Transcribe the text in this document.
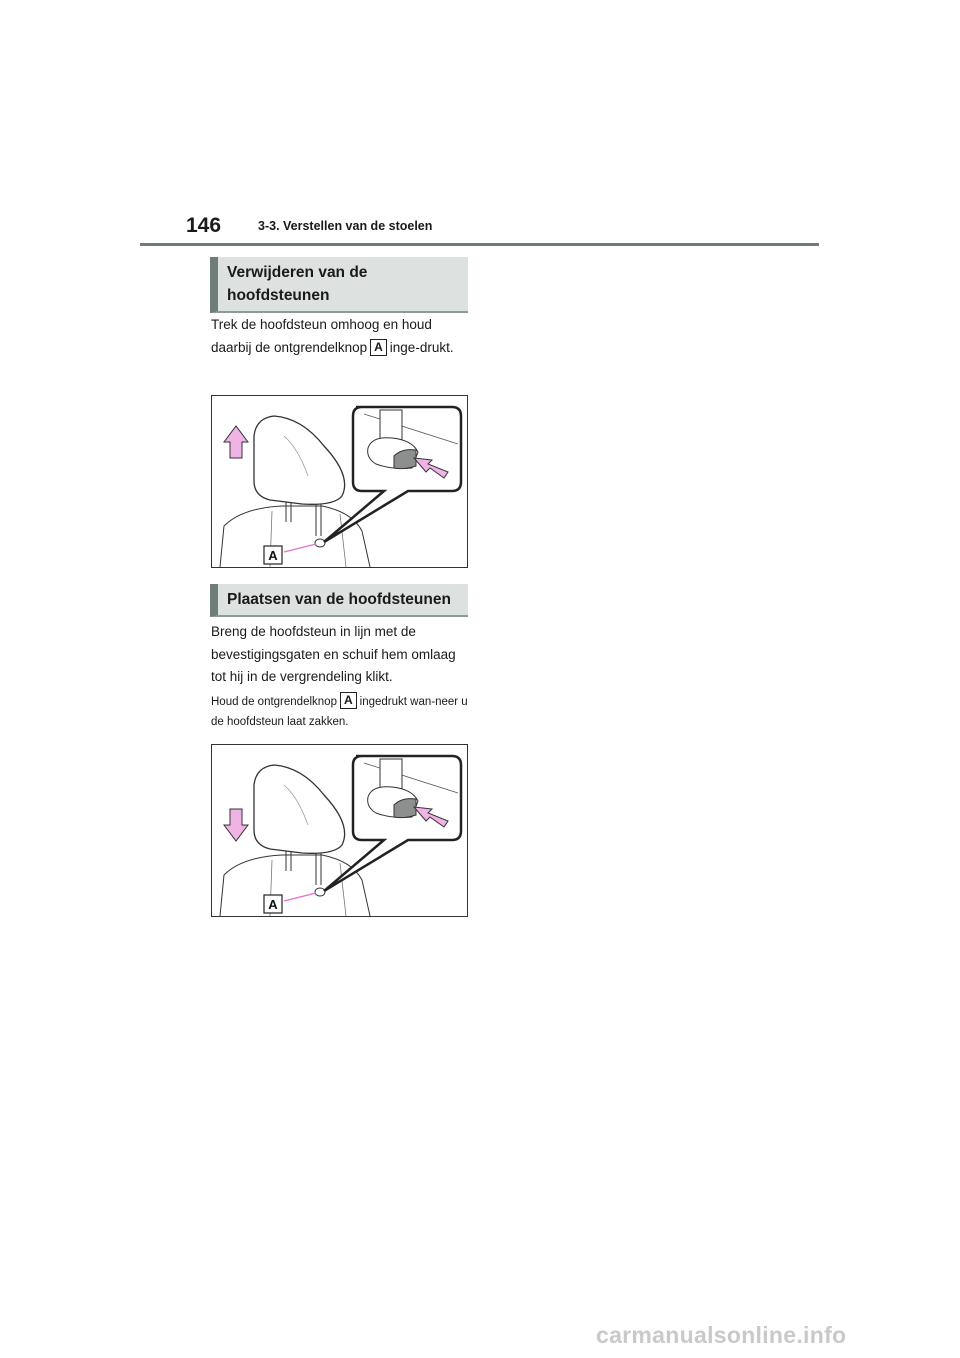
146	3-3. Verstellen van de stoelen
Verwijderen van de
hoofdsteunen
Trek de hoofdsteun omhoog en houd daarbij de ontgrendelknop A inge-drukt.
A
Plaatsen van de hoofdsteunen
Breng de hoofdsteun in lijn met de bevestigingsgaten en schuif hem omlaag tot hij in de vergrendeling klikt.
Houd de ontgrendelknop A ingedrukt wan-neer u de hoofdsteun laat zakken.
A
carmanualsonline.info
